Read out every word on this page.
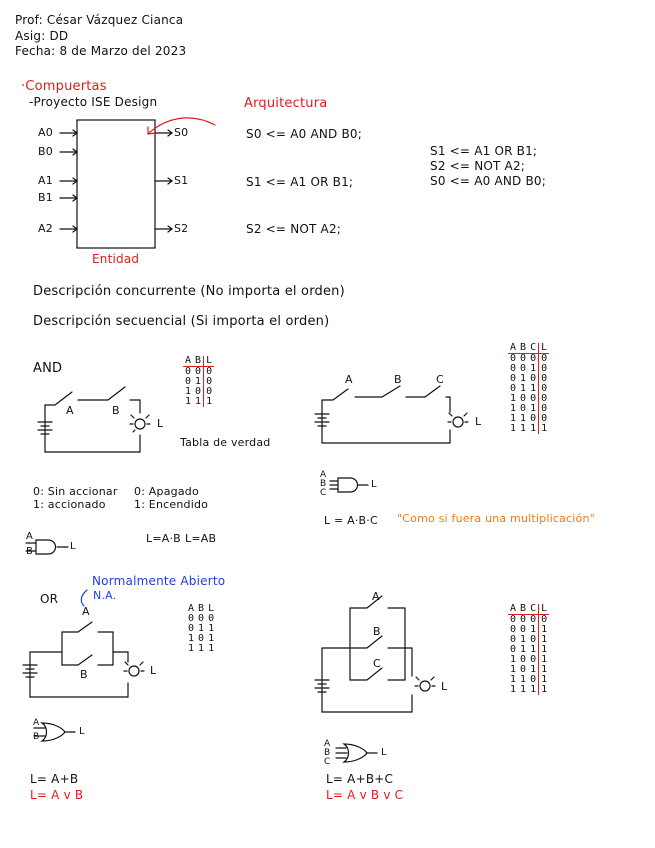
Prof: César Vázquez Cianca
Asig: DD
Fecha: 8 de Marzo del 2023
·Compuertas
-Proyecto ISE Design	Arquitectura
A0
B0
A1
B1
A2
S0
S1
S2
Entidad
S0 <= A0 AND B0;
S1 <= A1 OR B1;
S2 <= NOT A2;
S1 <= A1 OR B1;
S2 <= NOT A2;
S0 <= A0 AND B0;
Descripción concurrente (No importa el orden)
Descripción secuencial (Si importa el orden)
AND
A	B
L
A	B	L
0	0	0
0	1	0
1	0	0
1	1	1
Tabla de verdad
0: Sin accionar
1: accionado
0: Apagado
1: Encendido
A
B	L
L=A·B L=AB
A	B	C
L
A	B	C	L
0	0	0	0
0	0	1	0
0	1	0	0
0	1	1	0
1	0	0	0
1	0	1	0
1	1	0	0
1	1	1	1
A
B
C
L
L = A·B·C "Como si fuera una multiplicación"
Normalmente Abierto
N.A.
OR
A
B	L
A	B	L
0	0	0
0	1	1
1	0	1
1	1	1
A
B	L
L= A+B
L= A v B
A
B
C
L
A	B	C	L
0	0	0	0
0	0	1	1
0	1	0	1
0	1	1	1
1	0	0	1
1	0	1	1
1	1	0	1
1	1	1	1
A
B
C
L
L= A+B+C
L= A v B v C
